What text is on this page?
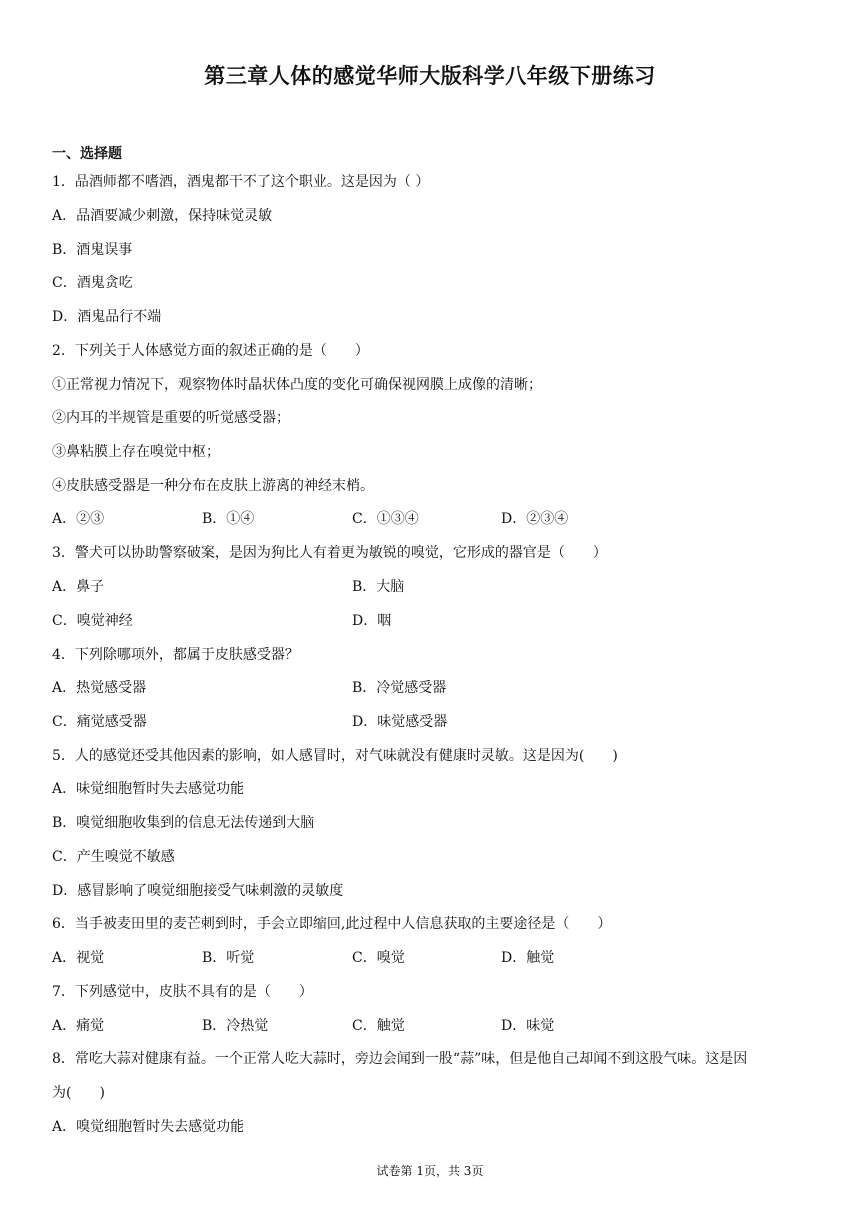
第三章人体的感觉华师大版科学八年级下册练习
一、选择题
1．品酒师都不嗜酒，酒鬼都干不了这个职业。这是因为（ ）
A．品酒要减少刺激，保持味觉灵敏
B．酒鬼误事
C．酒鬼贪吃
D．酒鬼品行不端
2．下列关于人体感觉方面的叙述正确的是（　　）
①正常视力情况下，观察物体时晶状体凸度的变化可确保视网膜上成像的清晰；
②内耳的半规管是重要的听觉感受器；
③鼻粘膜上存在嗅觉中枢；
④皮肤感受器是一种分布在皮肤上游离的神经末梢。
A．②③	B．①④	C．①③④	D．②③④
3．警犬可以协助警察破案，是因为狗比人有着更为敏锐的嗅觉，它形成的器官是（　　）
A．鼻子	B．大脑
C．嗅觉神经	D．咽
4．下列除哪项外，都属于皮肤感受器？
A．热觉感受器	B．冷觉感受器
C．痛觉感受器	D．味觉感受器
5．人的感觉还受其他因素的影响，如人感冒时，对气味就没有健康时灵敏。这是因为(　　)
A．味觉细胞暂时失去感觉功能
B．嗅觉细胞收集到的信息无法传递到大脑
C．产生嗅觉不敏感
D．感冒影响了嗅觉细胞接受气味刺激的灵敏度
6．当手被麦田里的麦芒刺到时，手会立即缩回,此过程中人信息获取的主要途径是（　　）
A．视觉	B．听觉	C．嗅觉	D．触觉
7．下列感觉中，皮肤不具有的是（　　）
A．痛觉	B．冷热觉	C．触觉	D．味觉
8．常吃大蒜对健康有益。一个正常人吃大蒜时，旁边会闻到一股“蒜”味，但是他自己却闻不到这股气味。这是因
为(　　)
A．嗅觉细胞暂时失去感觉功能
试卷第 1页，共 3页
